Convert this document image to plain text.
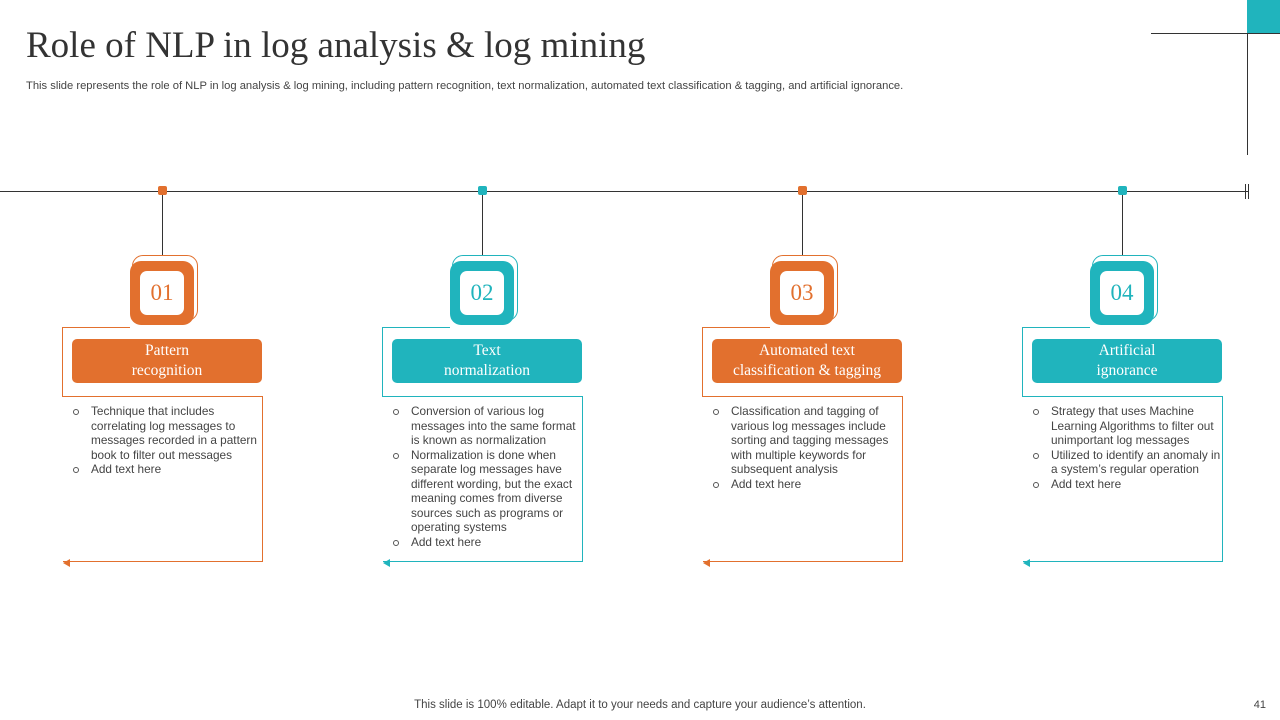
Role of NLP in log analysis & log mining

This slide represents the role of NLP in log analysis & log mining, including pattern recognition, text normalization, automated text classification & tagging, and artificial ignorance.

01
Pattern
recognition
Technique that includes correlating log messages to messages recorded in a pattern book to filter out messages
Add text here
02
Text
normalization
Conversion of various log messages into the same format is known as normalization
Normalization is done when separate log messages have different wording, but the exact meaning comes from diverse sources such as programs or operating systems
Add text here
03
Automated text
classification & tagging
Classification and tagging of various log messages include sorting and tagging messages with multiple keywords for subsequent analysis
Add text here
04
Artificial
ignorance
Strategy that uses Machine Learning Algorithms to filter out unimportant log messages
Utilized to identify an anomaly in a system’s regular operation
Add text here

This slide is 100% editable. Adapt it to your needs and capture your audience’s attention.	41
